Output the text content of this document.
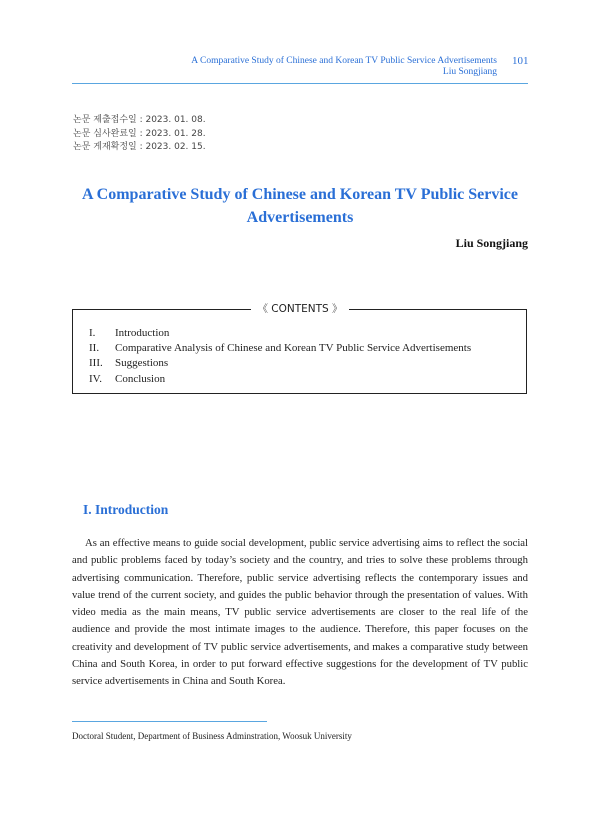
A Comparative Study of Chinese and Korean TV Public Service Advertisements
Liu Songjiang
101
논문 제출접수일 : 2023. 01. 08.
논문 심사완료일 : 2023. 01. 28.
논문 게재확정일 : 2023. 02. 15.
A Comparative Study of Chinese and Korean TV Public Service Advertisements
Liu Songjiang
《 CONTENTS 》
I.	Introduction
II.	Comparative Analysis of Chinese and Korean TV Public Service Advertisements
III.	Suggestions
IV.	Conclusion
I. Introduction
As an effective means to guide social development, public service advertising aims to reflect the social and public problems faced by today’s society and the country, and tries to solve these problems through advertising communication. Therefore, public service advertising reflects the contemporary issues and value trend of the current society, and guides the public behavior through the presentation of values. With video media as the main means, TV public service advertisements are closer to the real life of the audience and provide the most intimate images to the audience. Therefore, this paper focuses on the creativity and development of TV public service advertisements, and makes a comparative study between China and South Korea, in order to put forward effective suggestions for the development of TV public service advertisements in China and South Korea.
Doctoral Student, Department of Business Adminstration, Woosuk University
